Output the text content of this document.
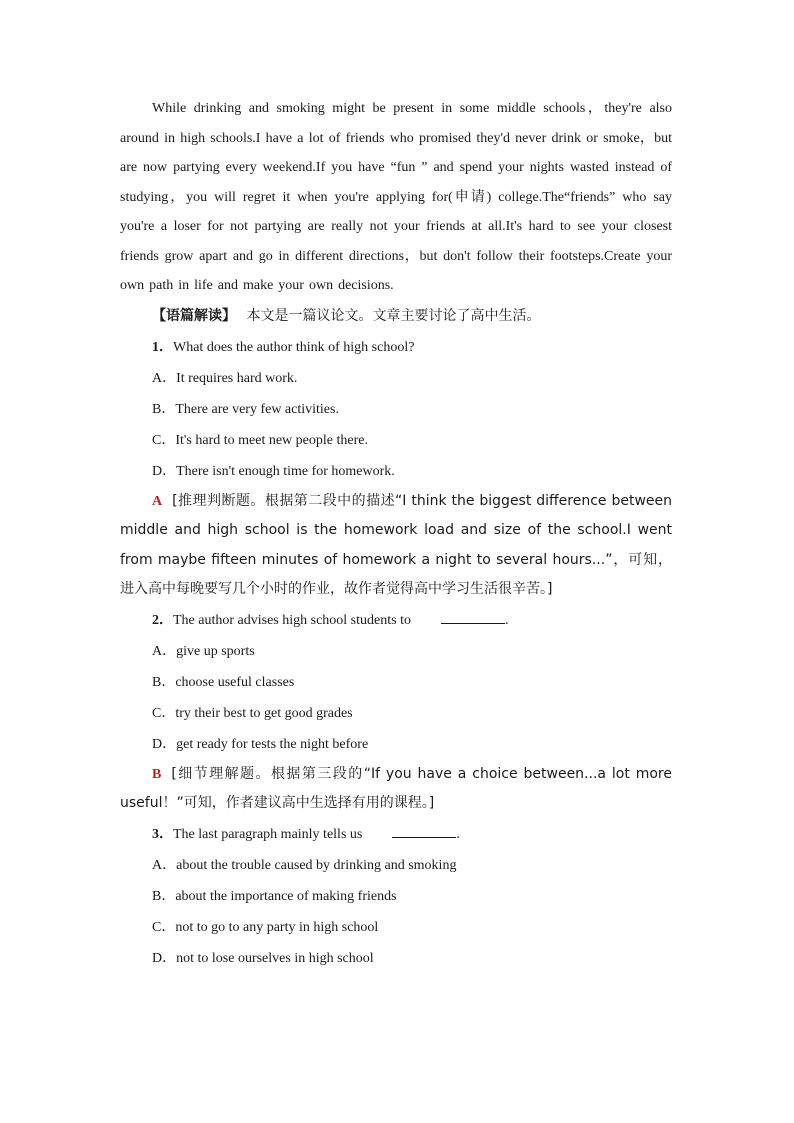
While drinking and smoking might be present in some middle schools，they're also around in high schools.I have a lot of friends who promised they'd never drink or smoke，but are now partying every weekend.If you have “fun ” and spend your nights wasted instead of studying，you will regret it when you're applying for(申请) college.The“friends” who say you're a loser for not partying are really not your friends at all.It's hard to see your closest friends grow apart and go in different directions，but don't follow their footsteps.Create your own path in life and make your own decisions.

【语篇解读】 本文是一篇议论文。文章主要讨论了高中生活。

1．What does the author think of high school?

A．It requires hard work.

B．There are very few activities.

C．It's hard to meet new people there.

D．There isn't enough time for homework.

A [推理判断题。根据第二段中的描述“I think the biggest difference between middle and high school is the homework load and size of the school.I went from maybe fifteen minutes of homework a night to several hours...”，可知，进入高中每晚要写几个小时的作业，故作者觉得高中学习生活很辛苦。]

2．The author advises high school students to	.

A．give up sports

B．choose useful classes

C．try their best to get good grades

D．get ready for tests the night before

B [细节理解题。根据第三段的“If you have a choice between...a lot more useful！”可知，作者建议高中生选择有用的课程。]

3．The last paragraph mainly tells us	.

A．about the trouble caused by drinking and smoking

B．about the importance of making friends

C．not to go to any party in high school

D．not to lose ourselves in high school
